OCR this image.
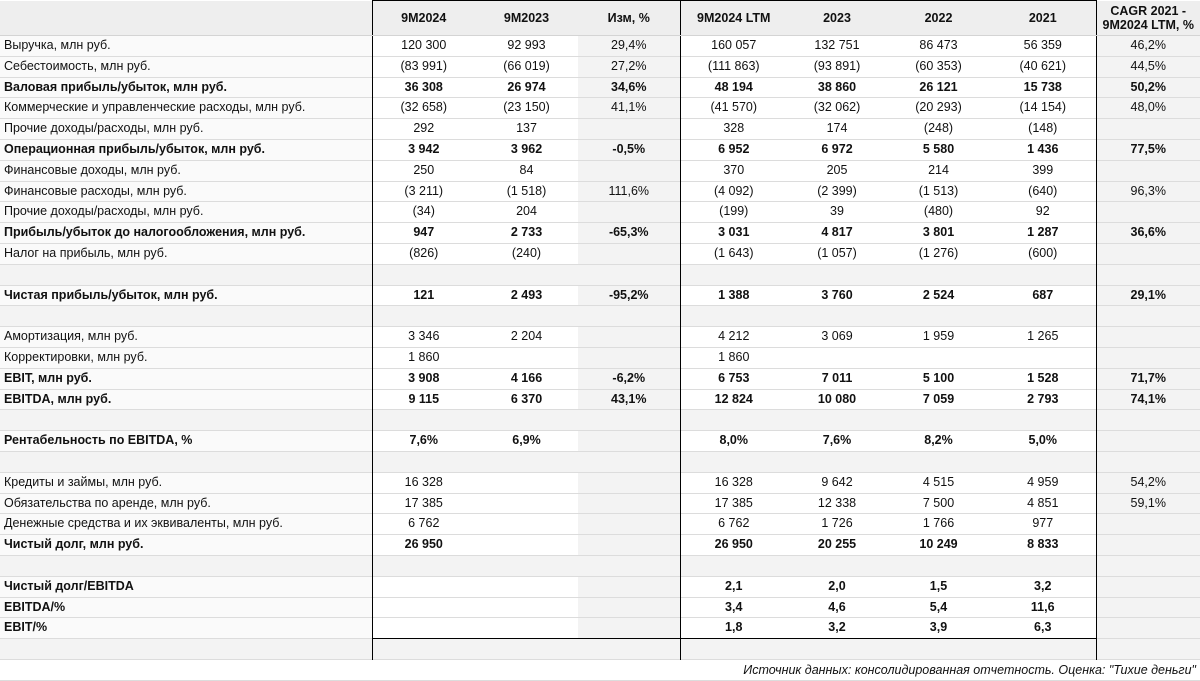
	9М2024	9М2023	Изм, %	9М2024 LTM	2023	2022	2021	CAGR 2021 - 9М2024 LTM, %
Выручка, млн руб.	120 300	92 993	29,4%	160 057	132 751	86 473	56 359	46,2%
Себестоимость, млн руб.	(83 991)	(66 019)	27,2%	(111 863)	(93 891)	(60 353)	(40 621)	44,5%
Валовая прибыль/убыток, млн руб.	36 308	26 974	34,6%	48 194	38 860	26 121	15 738	50,2%
Коммерческие и управленческие расходы, млн руб.	(32 658)	(23 150)	41,1%	(41 570)	(32 062)	(20 293)	(14 154)	48,0%
Прочие доходы/расходы, млн руб.	292	137		328	174	(248)	(148)	
Операционная прибыль/убыток, млн руб.	3 942	3 962	-0,5%	6 952	6 972	5 580	1 436	77,5%
Финансовые доходы, млн руб.	250	84		370	205	214	399	
Финансовые расходы, млн руб.	(3 211)	(1 518)	111,6%	(4 092)	(2 399)	(1 513)	(640)	96,3%
Прочие доходы/расходы, млн руб.	(34)	204		(199)	39	(480)	92	
Прибыль/убыток до налогообложения, млн руб.	947	2 733	-65,3%	3 031	4 817	3 801	1 287	36,6%
Налог на прибыль, млн руб.	(826)	(240)		(1 643)	(1 057)	(1 276)	(600)	

Чистая прибыль/убыток, млн руб.	121	2 493	-95,2%	1 388	3 760	2 524	687	29,1%

Амортизация, млн руб.	3 346	2 204		4 212	3 069	1 959	1 265	
Корректировки, млн руб.	1 860			1 860				
EBIT, млн руб.	3 908	4 166	-6,2%	6 753	7 011	5 100	1 528	71,7%
EBITDA, млн руб.	9 115	6 370	43,1%	12 824	10 080	7 059	2 793	74,1%

Рентабельность по EBITDA, %	7,6%	6,9%		8,0%	7,6%	8,2%	5,0%	

Кредиты и займы, млн руб.	16 328			16 328	9 642	4 515	4 959	54,2%
Обязательства по аренде, млн руб.	17 385			17 385	12 338	7 500	4 851	59,1%
Денежные средства и их эквиваленты, млн руб.	6 762			6 762	1 726	1 766	977	
Чистый долг, млн руб.	26 950			26 950	20 255	10 249	8 833	

Чистый долг/EBITDA				2,1	2,0	1,5	3,2	
EBITDA/%				3,4	4,6	5,4	11,6	
EBIT/%				1,8	3,2	3,9	6,3	

Источник данных: консолидированная отчетность. Оценка: "Тихие деньги"								
